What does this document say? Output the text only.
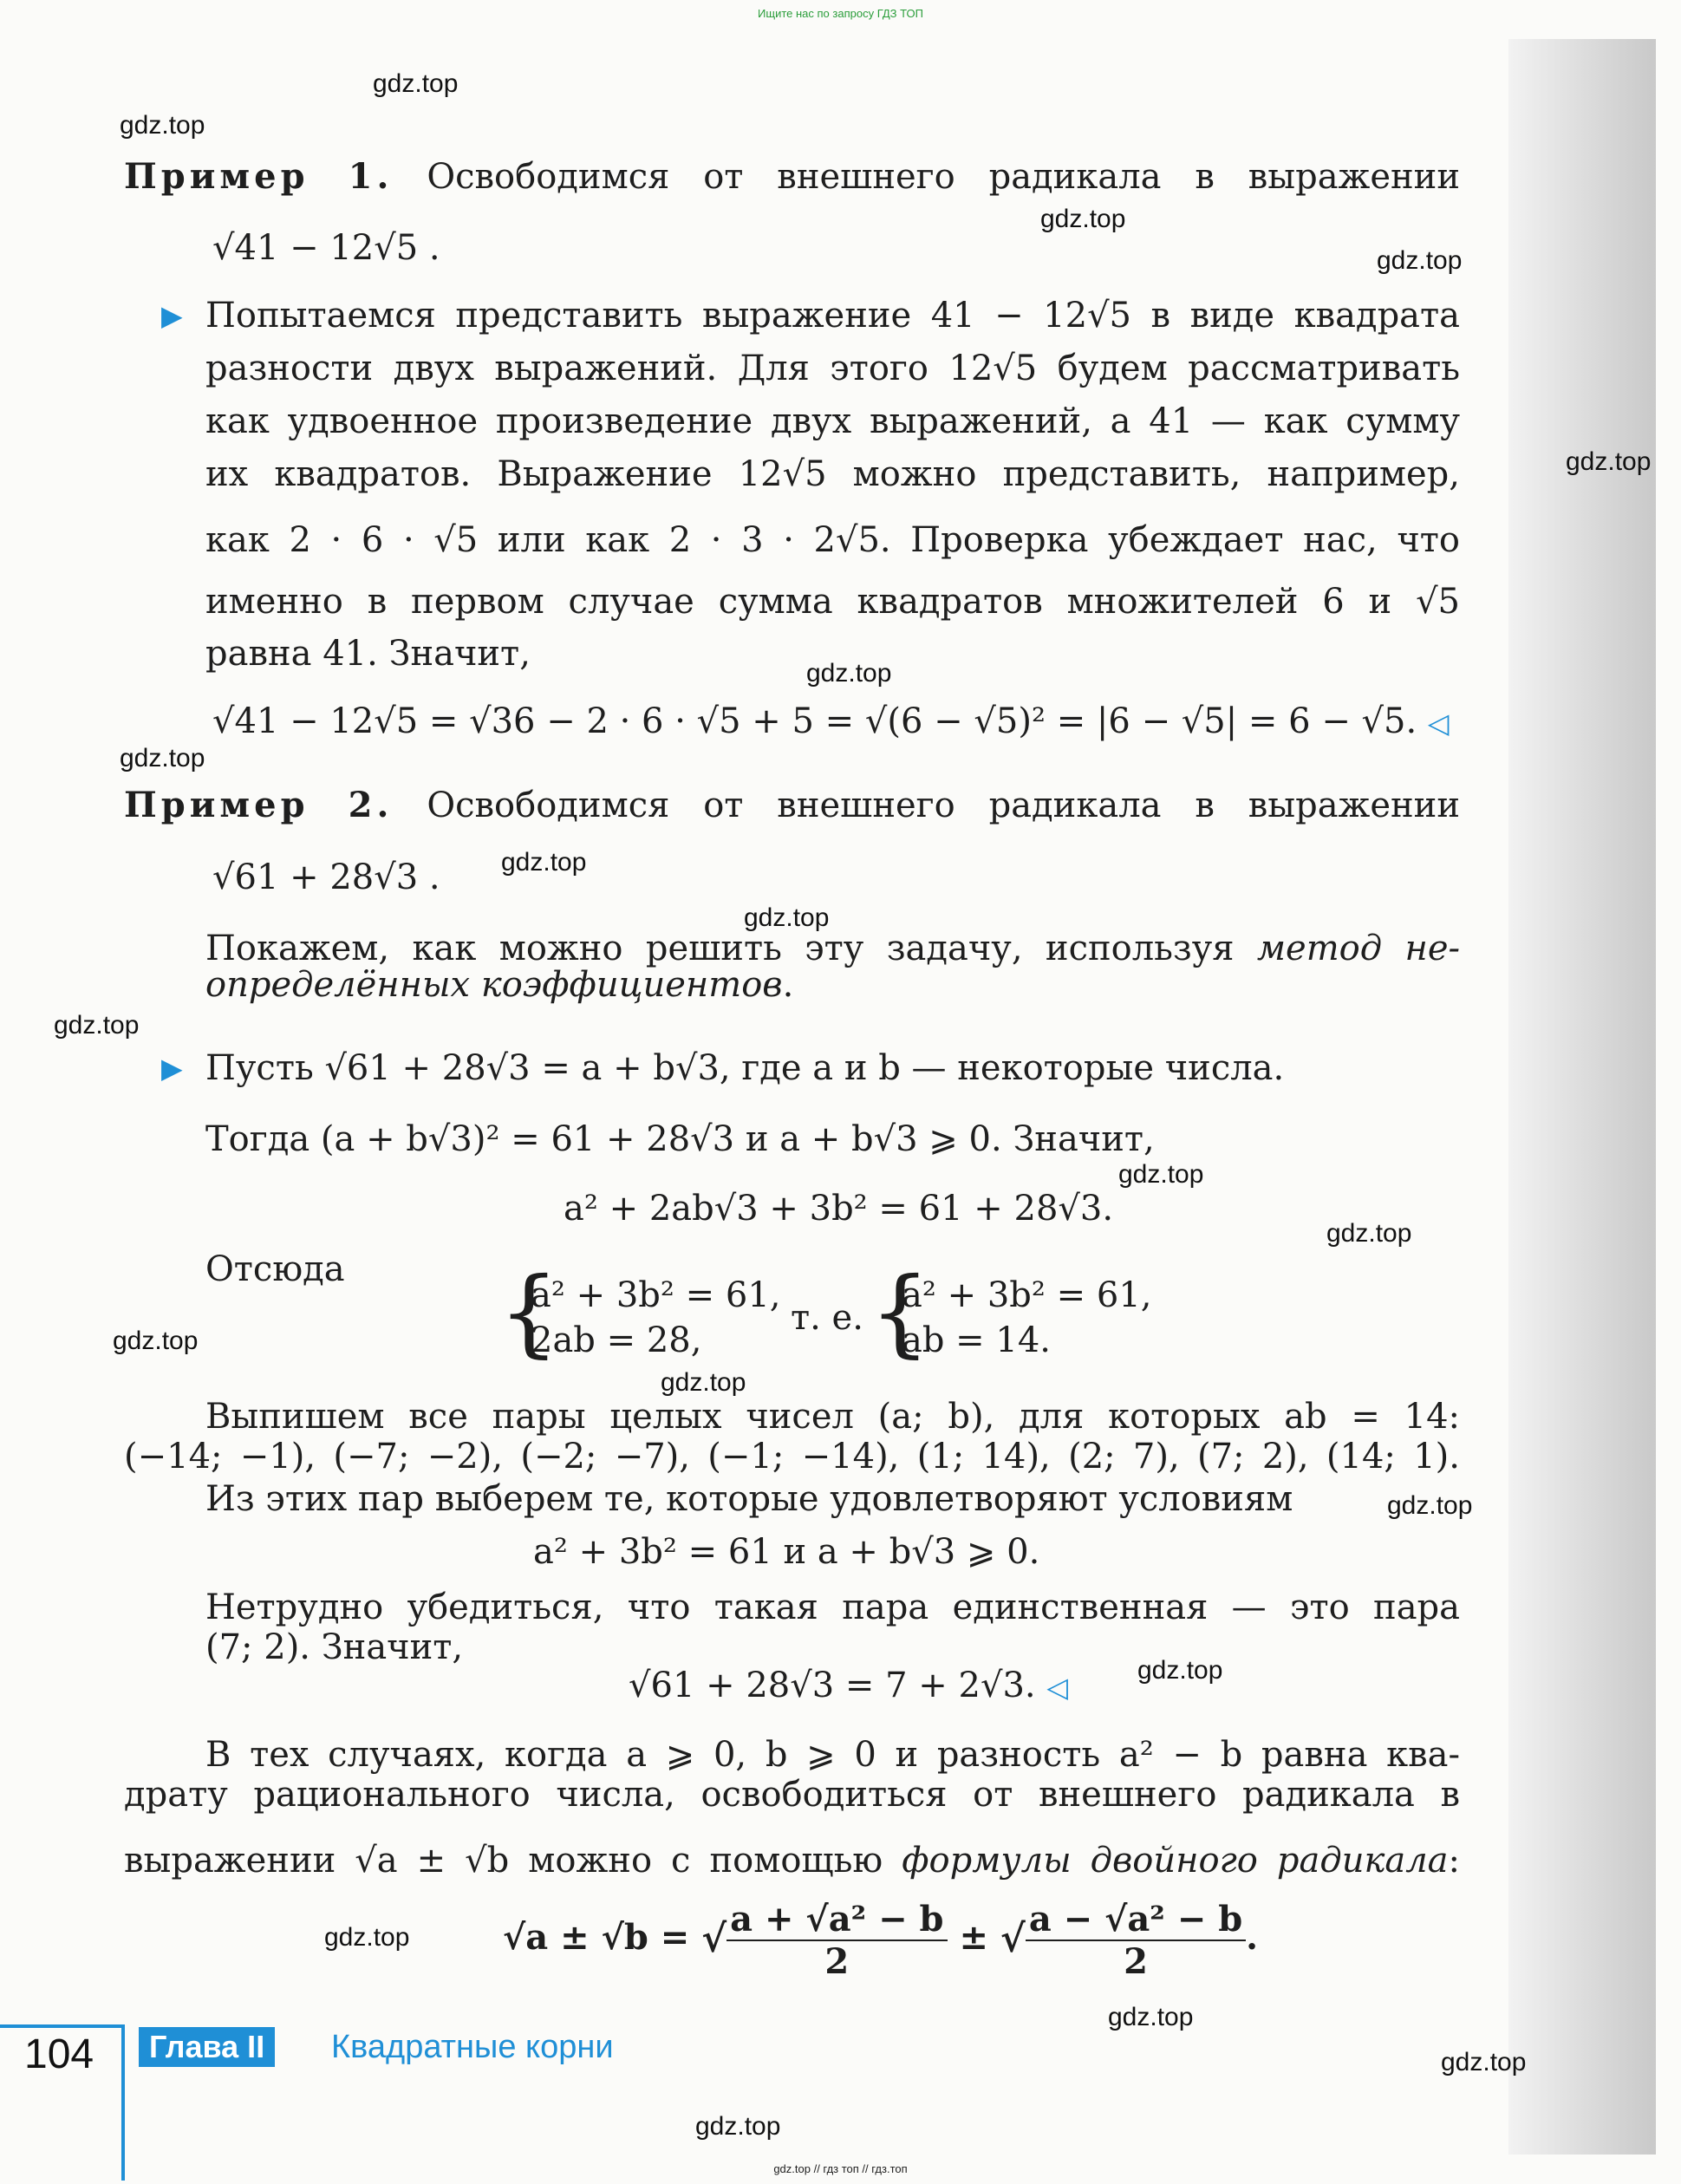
Ищите нас по запросу ГДЗ ТОП
gdz.top
gdz.top
gdz.top
gdz.top
gdz.top
gdz.top
gdz.top
gdz.top
gdz.top
gdz.top
gdz.top
gdz.top
gdz.top
gdz.top
gdz.top
gdz.top
gdz.top
gdz.top
gdz.top
gdz.top
Пример 1. Освободимся от внешнего радикала в выражении
√41 − 12√5 .
▶ Попытаемся представить выражение 41 − 12√5 в виде квадрата
разности двух выражений. Для этого 12√5 будем рассматривать
как удвоенное произведение двух выражений, а 41 — как сумму
их квадратов. Выражение 12√5 можно представить, например,
как 2 · 6 · √5 или как 2 · 3 · 2√5. Проверка убеждает нас, что
именно в первом случае сумма квадратов множителей 6 и √5
равна 41. Значит,
√41 − 12√5 = √36 − 2 · 6 · √5 + 5 = √(6 − √5)² = |6 − √5| = 6 − √5. ◁
Пример 2. Освободимся от внешнего радикала в выражении
√61 + 28√3 .
Покажем, как можно решить эту задачу, используя метод не-
определённых коэффициентов.
▶ Пусть √61 + 28√3 = a + b√3, где a и b — некоторые числа.
Тогда (a + b√3)² = 61 + 28√3 и a + b√3 ⩾ 0. Значит,
a² + 2ab√3 + 3b² = 61 + 28√3.
Отсюда	{
a² + 3b² = 61,
2ab = 28,
т. е. {
a² + 3b² = 61,
ab = 14.
Выпишем все пары целых чисел (a; b), для которых ab = 14:
(−14; −1), (−7; −2), (−2; −7), (−1; −14), (1; 14), (2; 7), (7; 2), (14; 1).
Из этих пар выберем те, которые удовлетворяют условиям
a² + 3b² = 61 и a + b√3 ⩾ 0.
Нетрудно убедиться, что такая пара единственная — это пара
(7; 2). Значит,
√61 + 28√3 = 7 + 2√3. ◁
В тех случаях, когда a ⩾ 0, b ⩾ 0 и разность a² − b равна ква-
драту рационального числа, освободиться от внешнего радикала в
выражении √a ± √b можно с помощью формулы двойного радикала:
√a ± √b = √ $\frac{\text{a + √a² − b}}{2}$ ± √ $\frac{\text{a − √a² − b}}{2}$ .
104	Глава II	Квадратные корни
gdz.top // гдз топ // гдз.топ
